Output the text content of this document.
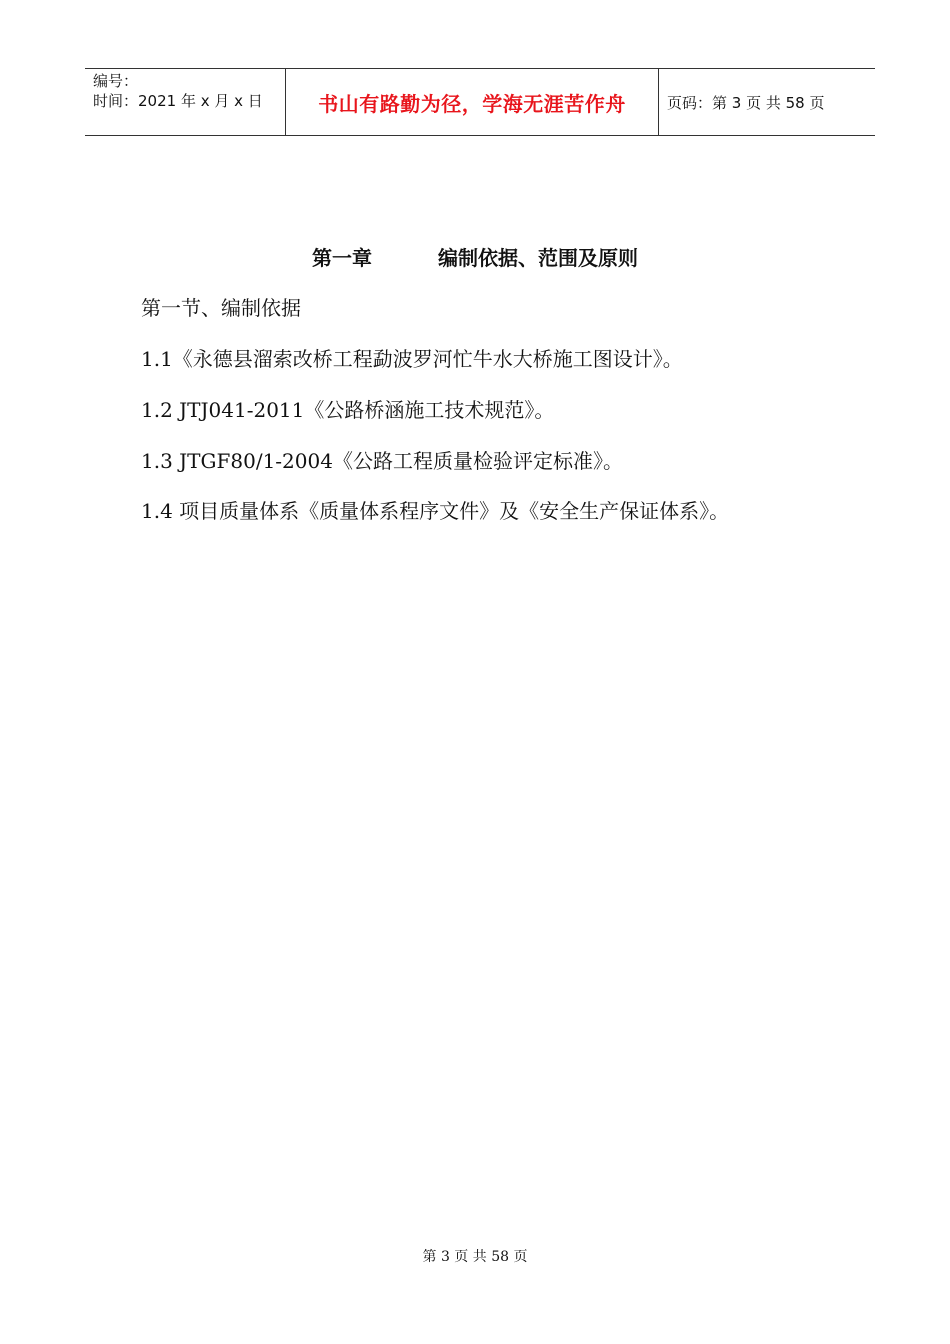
编号：
时间：2021 年 x 月 x 日	书山有路勤为径，学海无涯苦作舟	页码：第 3 页 共 58 页
第一章	编制依据、范围及原则
第一节、编制依据
1.1《永德县溜索改桥工程勐波罗河忙牛水大桥施工图设计》。
1.2 JTJ041-2011《公路桥涵施工技术规范》。
1.3 JTGF80/1-2004《公路工程质量检验评定标准》。
1.4 项目质量体系《质量体系程序文件》及《安全生产保证体系》。
第 3 页 共 58 页
